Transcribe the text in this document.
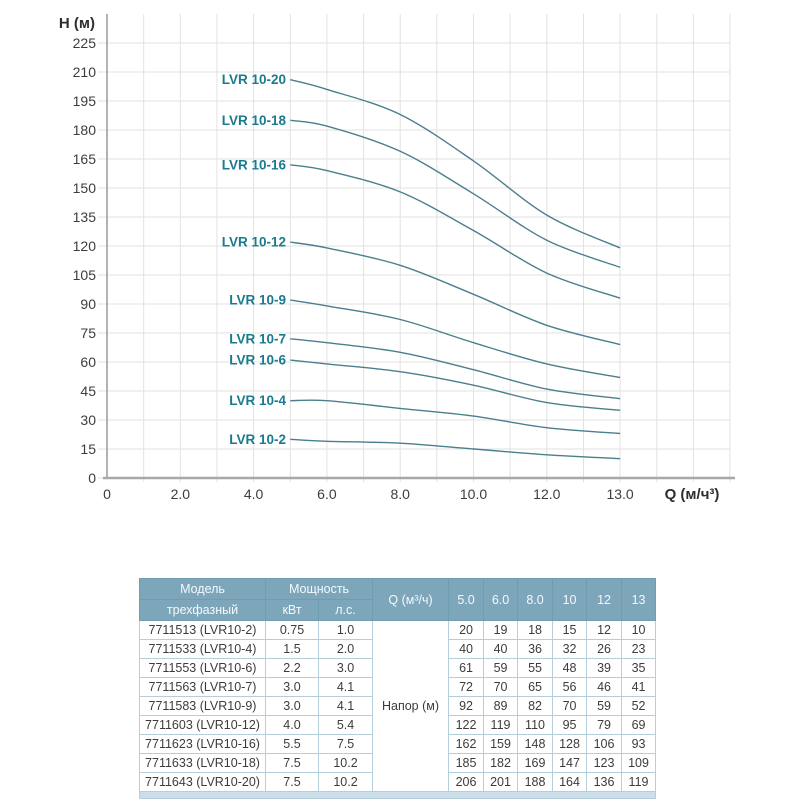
0
15
30
45
60
75
90
105
120
135
150
165
180
195
210
225
0	2.0	4.0	6.0	8.0	10.0	12.0	13.0
Н (м)
Q (м/ч³)
LVR 10-2
LVR 10-4
LVR 10-6
LVR 10-7
LVR 10-9
LVR 10-12
LVR 10-16
LVR 10-18
LVR 10-20
Модель	Мощность		Q (м³/ч)	5.0	6.0	8.0	10	12	13
трехфазный	кВт	л.с.							
7711513 (LVR10-2)	0.75	1.0	Напор (м)	20	19	18	15	12	10
7711533 (LVR10-4)	1.5	2.0		40	40	36	32	26	23
7711553 (LVR10-6)	2.2	3.0		61	59	55	48	39	35
7711563 (LVR10-7)	3.0	4.1		72	70	65	56	46	41
7711583 (LVR10-9)	3.0	4.1		92	89	82	70	59	52
7711603 (LVR10-12)	4.0	5.4		122	119	110	95	79	69
7711623 (LVR10-16)	5.5	7.5		162	159	148	128	106	93
7711633 (LVR10-18)	7.5	10.2		185	182	169	147	123	109
7711643 (LVR10-20)	7.5	10.2		206	201	188	164	136	119
